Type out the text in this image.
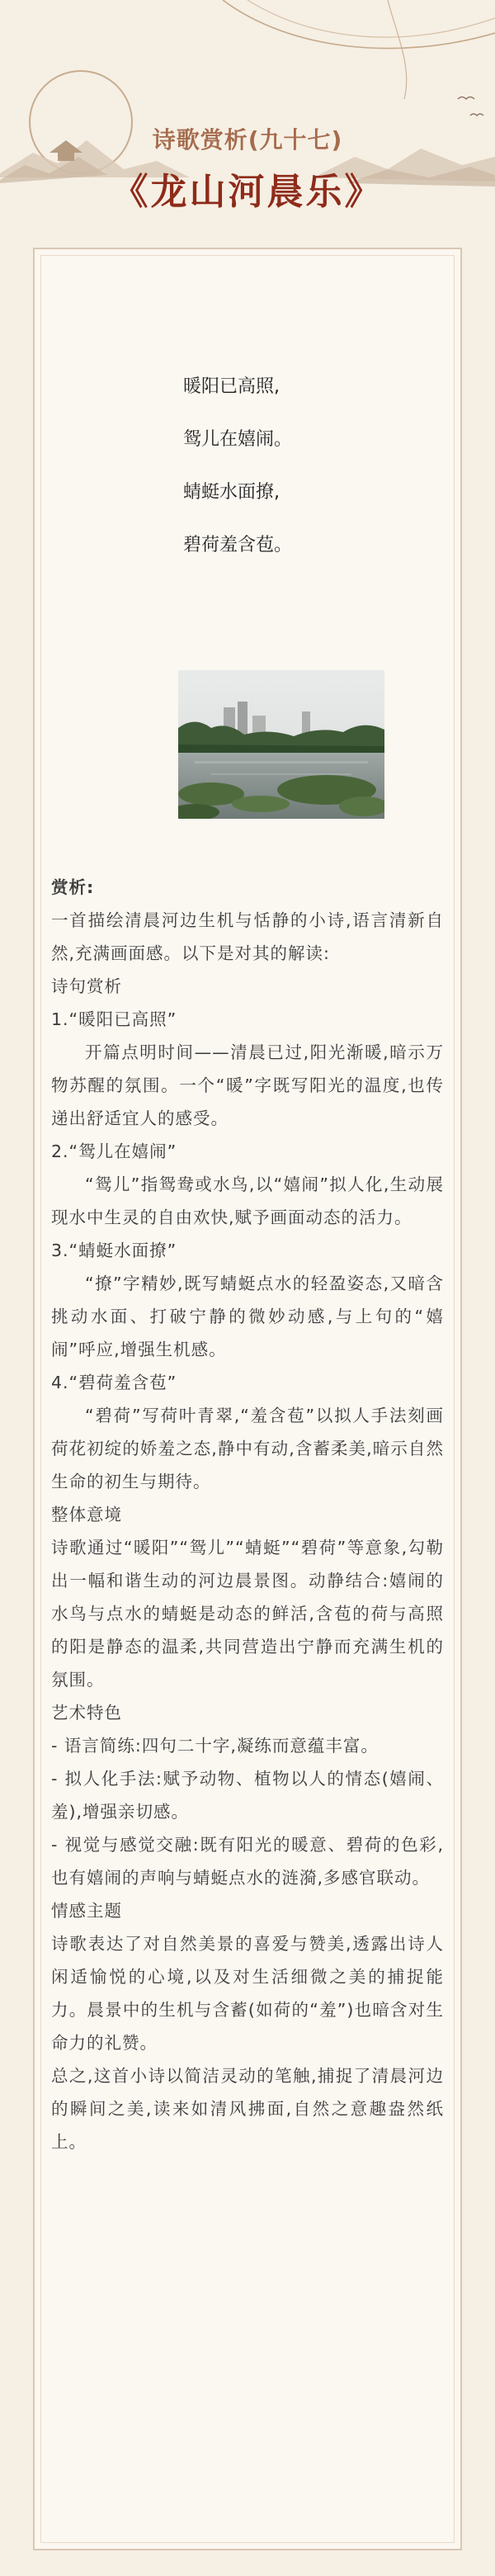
诗歌赏析(九十七)
《龙山河晨乐》
暖阳已高照,
鸳儿在嬉闹。
蜻蜓水面撩,
碧荷羞含苞。

赏析:

一首描绘清晨河边生机与恬静的小诗,语言清新自然,充满画面感。以下是对其的解读:

诗句赏析

1.“暖阳已高照”

开篇点明时间——清晨已过,阳光渐暖,暗示万物苏醒的氛围。一个“暖”字既写阳光的温度,也传递出舒适宜人的感受。

2.“鸳儿在嬉闹”

“鸳儿”指鸳鸯或水鸟,以“嬉闹”拟人化,生动展现水中生灵的自由欢快,赋予画面动态的活力。

3.“蜻蜓水面撩”

“撩”字精妙,既写蜻蜓点水的轻盈姿态,又暗含挑动水面、打破宁静的微妙动感,与上句的“嬉闹”呼应,增强生机感。

4.“碧荷羞含苞”

“碧荷”写荷叶青翠,“羞含苞”以拟人手法刻画荷花初绽的娇羞之态,静中有动,含蓄柔美,暗示自然生命的初生与期待。

整体意境

诗歌通过“暖阳”“鸳儿”“蜻蜓”“碧荷”等意象,勾勒出一幅和谐生动的河边晨景图。动静结合:嬉闹的水鸟与点水的蜻蜓是动态的鲜活,含苞的荷与高照的阳是静态的温柔,共同营造出宁静而充满生机的氛围。

艺术特色

- 语言简练:四句二十字,凝练而意蕴丰富。

- 拟人化手法:赋予动物、植物以人的情态(嬉闹、羞),增强亲切感。

- 视觉与感觉交融:既有阳光的暖意、碧荷的色彩,也有嬉闹的声响与蜻蜓点水的涟漪,多感官联动。

情感主题

诗歌表达了对自然美景的喜爱与赞美,透露出诗人闲适愉悦的心境,以及对生活细微之美的捕捉能力。晨景中的生机与含蓄(如荷的“羞”)也暗含对生命力的礼赞。

总之,这首小诗以简洁灵动的笔触,捕捉了清晨河边的瞬间之美,读来如清风拂面,自然之意趣盎然纸上。
